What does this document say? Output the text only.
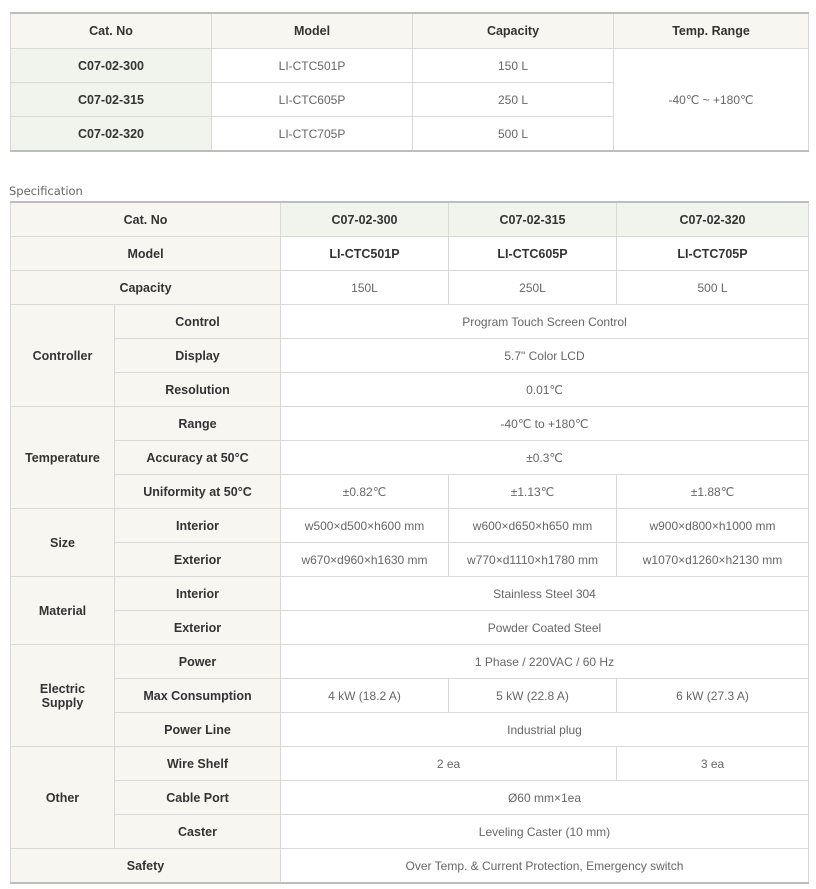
Cat. No	Model	Capacity	Temp. Range
C07-02-300	LI-CTC501P	150 L	-40℃ ~ +180℃
C07-02-315	LI-CTC605P	250 L	
C07-02-320	LI-CTC705P	500 L	
Specification
Cat. No		C07-02-300	C07-02-315	C07-02-320
Model		LI-CTC501P	LI-CTC605P	LI-CTC705P
Capacity		150L	250L	500 L
Controller	Control	Program Touch Screen Control		
	Display	5.7" Color LCD		
	Resolution	0.01℃		
Temperature	Range	-40℃ to +180℃		
	Accuracy at 50°C	±0.3℃		
	Uniformity at 50°C	±0.82℃	±1.13℃	±1.88℃
Size	Interior	w500×d500×h600 mm	w600×d650×h650 mm	w900×d800×h1000 mm
	Exterior	w670×d960×h1630 mm	w770×d1110×h1780 mm	w1070×d1260×h2130 mm
Material	Interior	Stainless Steel 304		
	Exterior	Powder Coated Steel		
Electric
Supply	Power	1 Phase / 220VAC / 60 Hz		
	Max Consumption	4 kW (18.2 A)	5 kW (22.8 A)	6 kW (27.3 A)
	Power Line	Industrial plug		
Other	Wire Shelf	2 ea		3 ea
	Cable Port	Ø60 mm×1ea		
	Caster	Leveling Caster (10 mm)		
Safety		Over Temp. & Current Protection, Emergency switch		
